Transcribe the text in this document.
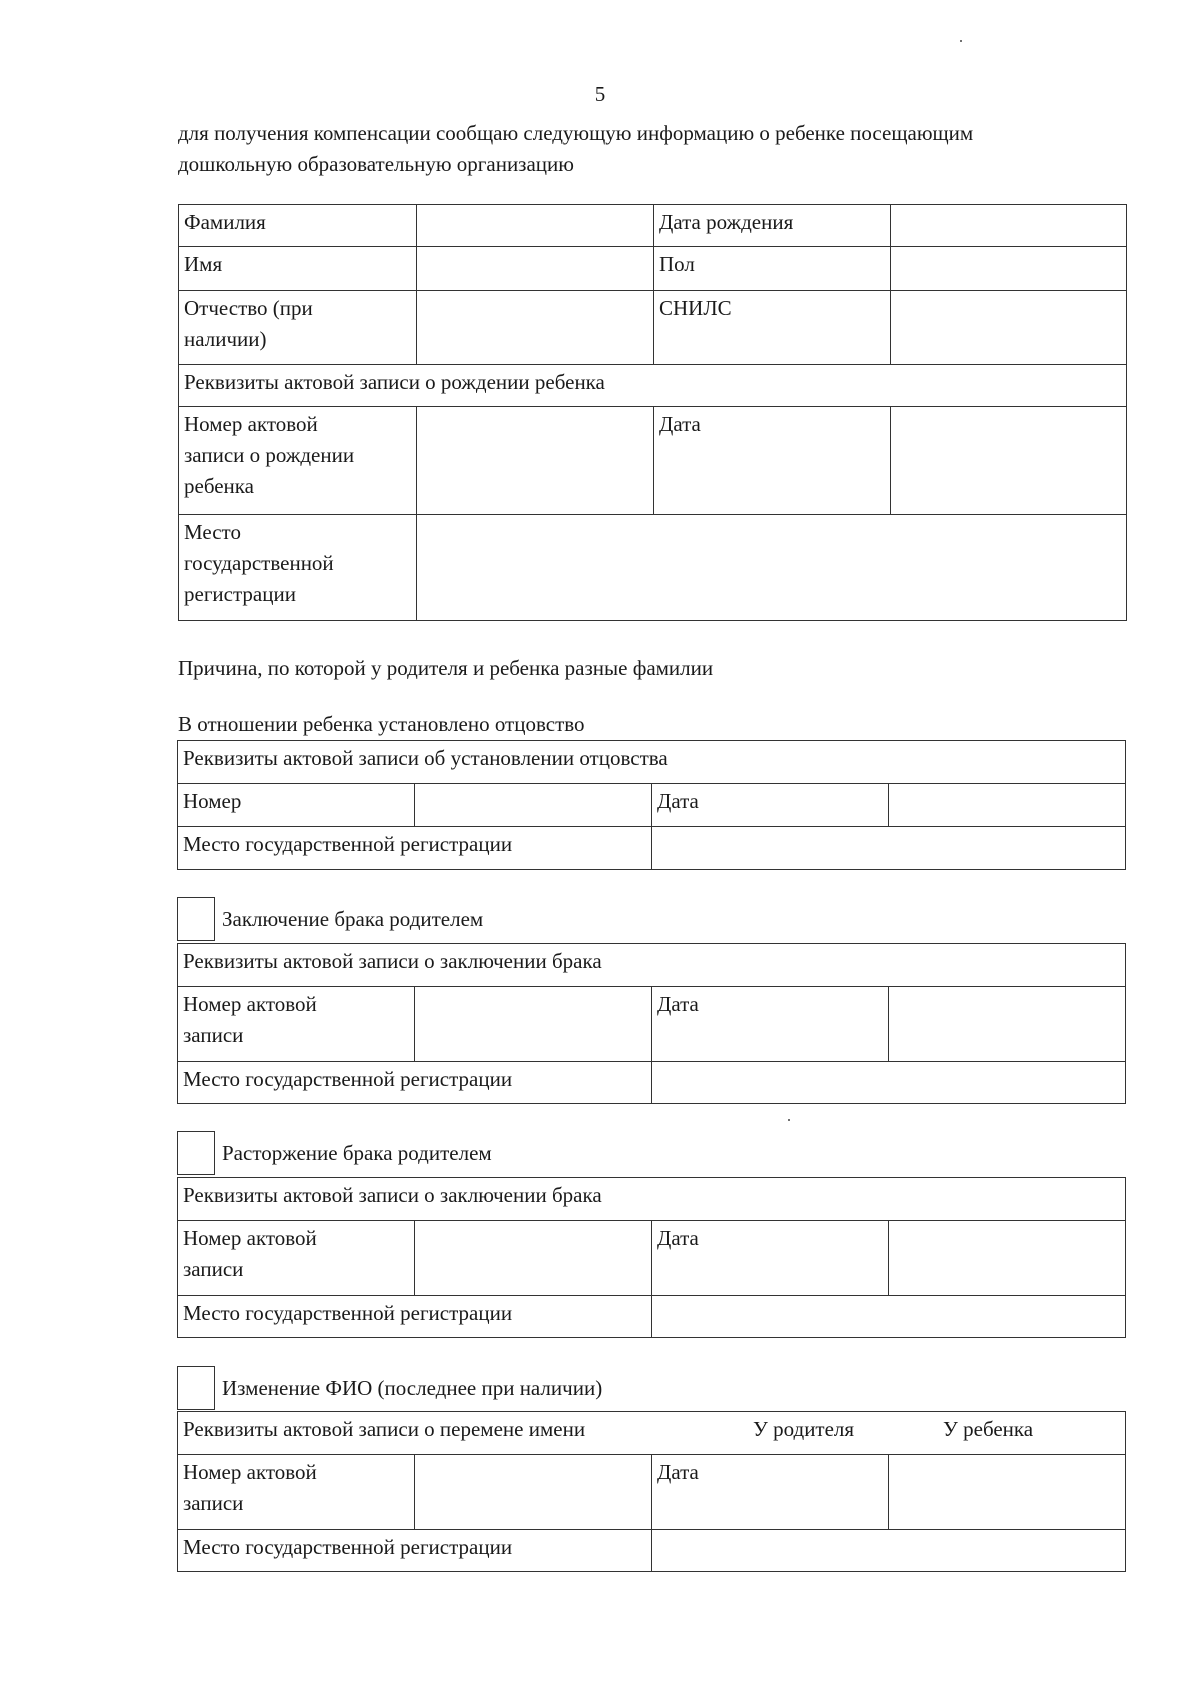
5
для получения компенсации сообщаю следующую информацию о ребенке посещающим
дошкольную образовательную организацию
Фамилия		Дата рождения	
Имя		Пол	

Отчество (при
наличии)		СНИЛС	
Реквизиты актовой записи о рождении ребенка			

Номер актовой
записи о рождении
ребенка		Дата	

Место
государственной
регистрации			

Причина, по которой у родителя и ребенка разные фамилии
В отношении ребенка установлено отцовство
Реквизиты актовой записи об установлении отцовства			
Номер		Дата	
Место государственной регистрации			
Заключение брака родителем
Реквизиты актовой записи о заключении брака			

Номер актовой
записи		Дата	
Место государственной регистрации			
Расторжение брака родителем
Реквизиты актовой записи о заключении брака			

Номер актовой
записи		Дата	
Место государственной регистрации			
Изменение ФИО (последнее при наличии)
Реквизиты актовой записи о перемене имени У родителя У ребенка			

Номер актовой
записи		Дата	
Место государственной регистрации			
